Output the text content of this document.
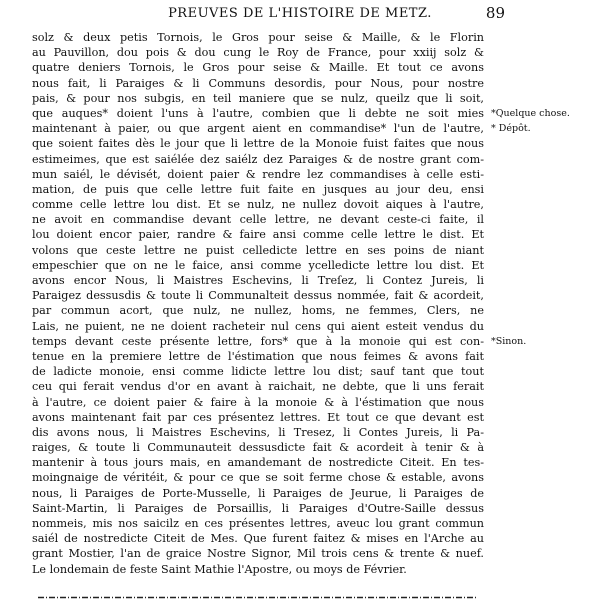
PREUVES DE L'HISTOIRE DE METZ.	89
solz & deux petis Tornois, le Gros pour seise & Maille, & le Florin
au Pauvillon, dou pois & dou cung le Roy de France, pour xxiij solz &
quatre deniers Tornois, le Gros pour seise & Maille. Et tout ce avons
nous fait, li Paraiges & li Communs desordis, pour Nous, pour nostre
pais, & pour nos subgis, en teil maniere que se nulz, queilz que li soit,
que auques* doient l'uns à l'autre, combien que li debte ne soit mies
maintenant à paier, ou que argent aient en commandise* l'un de l'autre,
que soient faites dès le jour que li lettre de la Monoie fuist faites que nous
estimeimes, que est saiélée dez saiélz dez Paraiges & de nostre grant com-
mun saiél, le dévisét, doient paier & rendre lez commandises à celle esti-
mation, de puis que celle lettre fuit faite en jusques au jour deu, ensi
comme celle lettre lou dist. Et se nulz, ne nullez dovoit aiques à l'autre,
ne avoit en commandise devant celle lettre, ne devant ceste-ci faite, il
lou doient encor paier, randre & faire ansi comme celle lettre le dist. Et
volons que ceste lettre ne puist celledicte lettre en ses poins de niant
empeschier que on ne le faice, ansi comme ycelledicte lettre lou dist. Et
avons encor Nous, li Maistres Eschevins, li Treſez, li Contez Jureis, li
Paraigez dessusdis & toute li Communalteit dessus nommée, fait & acordeit,
par commun acort, que nulz, ne nullez, homs, ne femmes, Clers, ne
Lais, ne puient, ne ne doient racheteir nul cens qui aient esteit vendus du
temps devant ceste présente lettre, fors* que à la monoie qui est con-
tenue en la premiere lettre de l'éstimation que nous feimes & avons fait
de ladicte monoie, ensi comme lidicte lettre lou dist; sauf tant que tout
ceu qui ferait vendus d'or en avant à raichait, ne debte, que li uns ferait
à l'autre, ce doient paier & faire à la monoie & à l'éstimation que nous
avons maintenant fait par ces présentez lettres. Et tout ce que devant est
dis avons nous, li Maistres Eschevins, li Tresez, li Contes Jureis, li Pa-
raiges, & toute li Communauteit dessusdicte fait & acordeit à tenir & à
mantenir à tous jours mais, en amandemant de nostredicte Citeit. En tes-
moingnaige de véritéit, & pour ce que se soit ferme chose & estable, avons
nous, li Paraiges de Porte-Musselle, li Paraiges de Jeurue, li Paraiges de
Saint-Martin, li Paraiges de Porsaillis, li Paraiges d'Outre-Saille dessus
nommeis, mis nos saicilz en ces présentes lettres, aveuc lou grant commun
saiél de nostredicte Citeit de Mes. Que furent faitez & mises en l'Arche au
grant Mostier, l'an de graice Nostre Signor, Mil trois cens & trente & nuef.
Le londemain de feste Saint Mathie l'Apostre, ou moys de Février.
*Quelque chose.
* Dépôt.
*Sinon.
